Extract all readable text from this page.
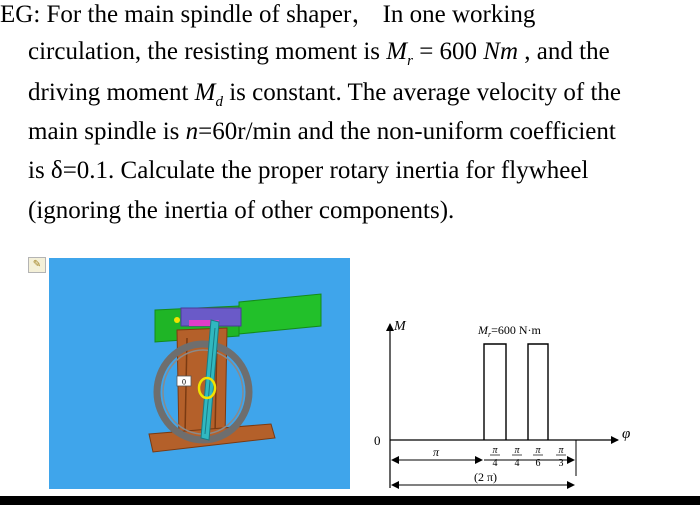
EG: For the main spindle of shaper， In one working
circulation, the resisting moment is $M_r = 600$ Nm , and the
driving moment $M_d$ is constant. The average velocity of the
main spindle is n=60r/min and the non-uniform coefficient
is δ=0.1. Calculate the proper rotary inertia for flywheel
(ignoring the inertia of other components).
✎
0
M
0	φ
$M_r=600$ N·m
π	π
4
π
4
π
6
π
3
(2 π)
